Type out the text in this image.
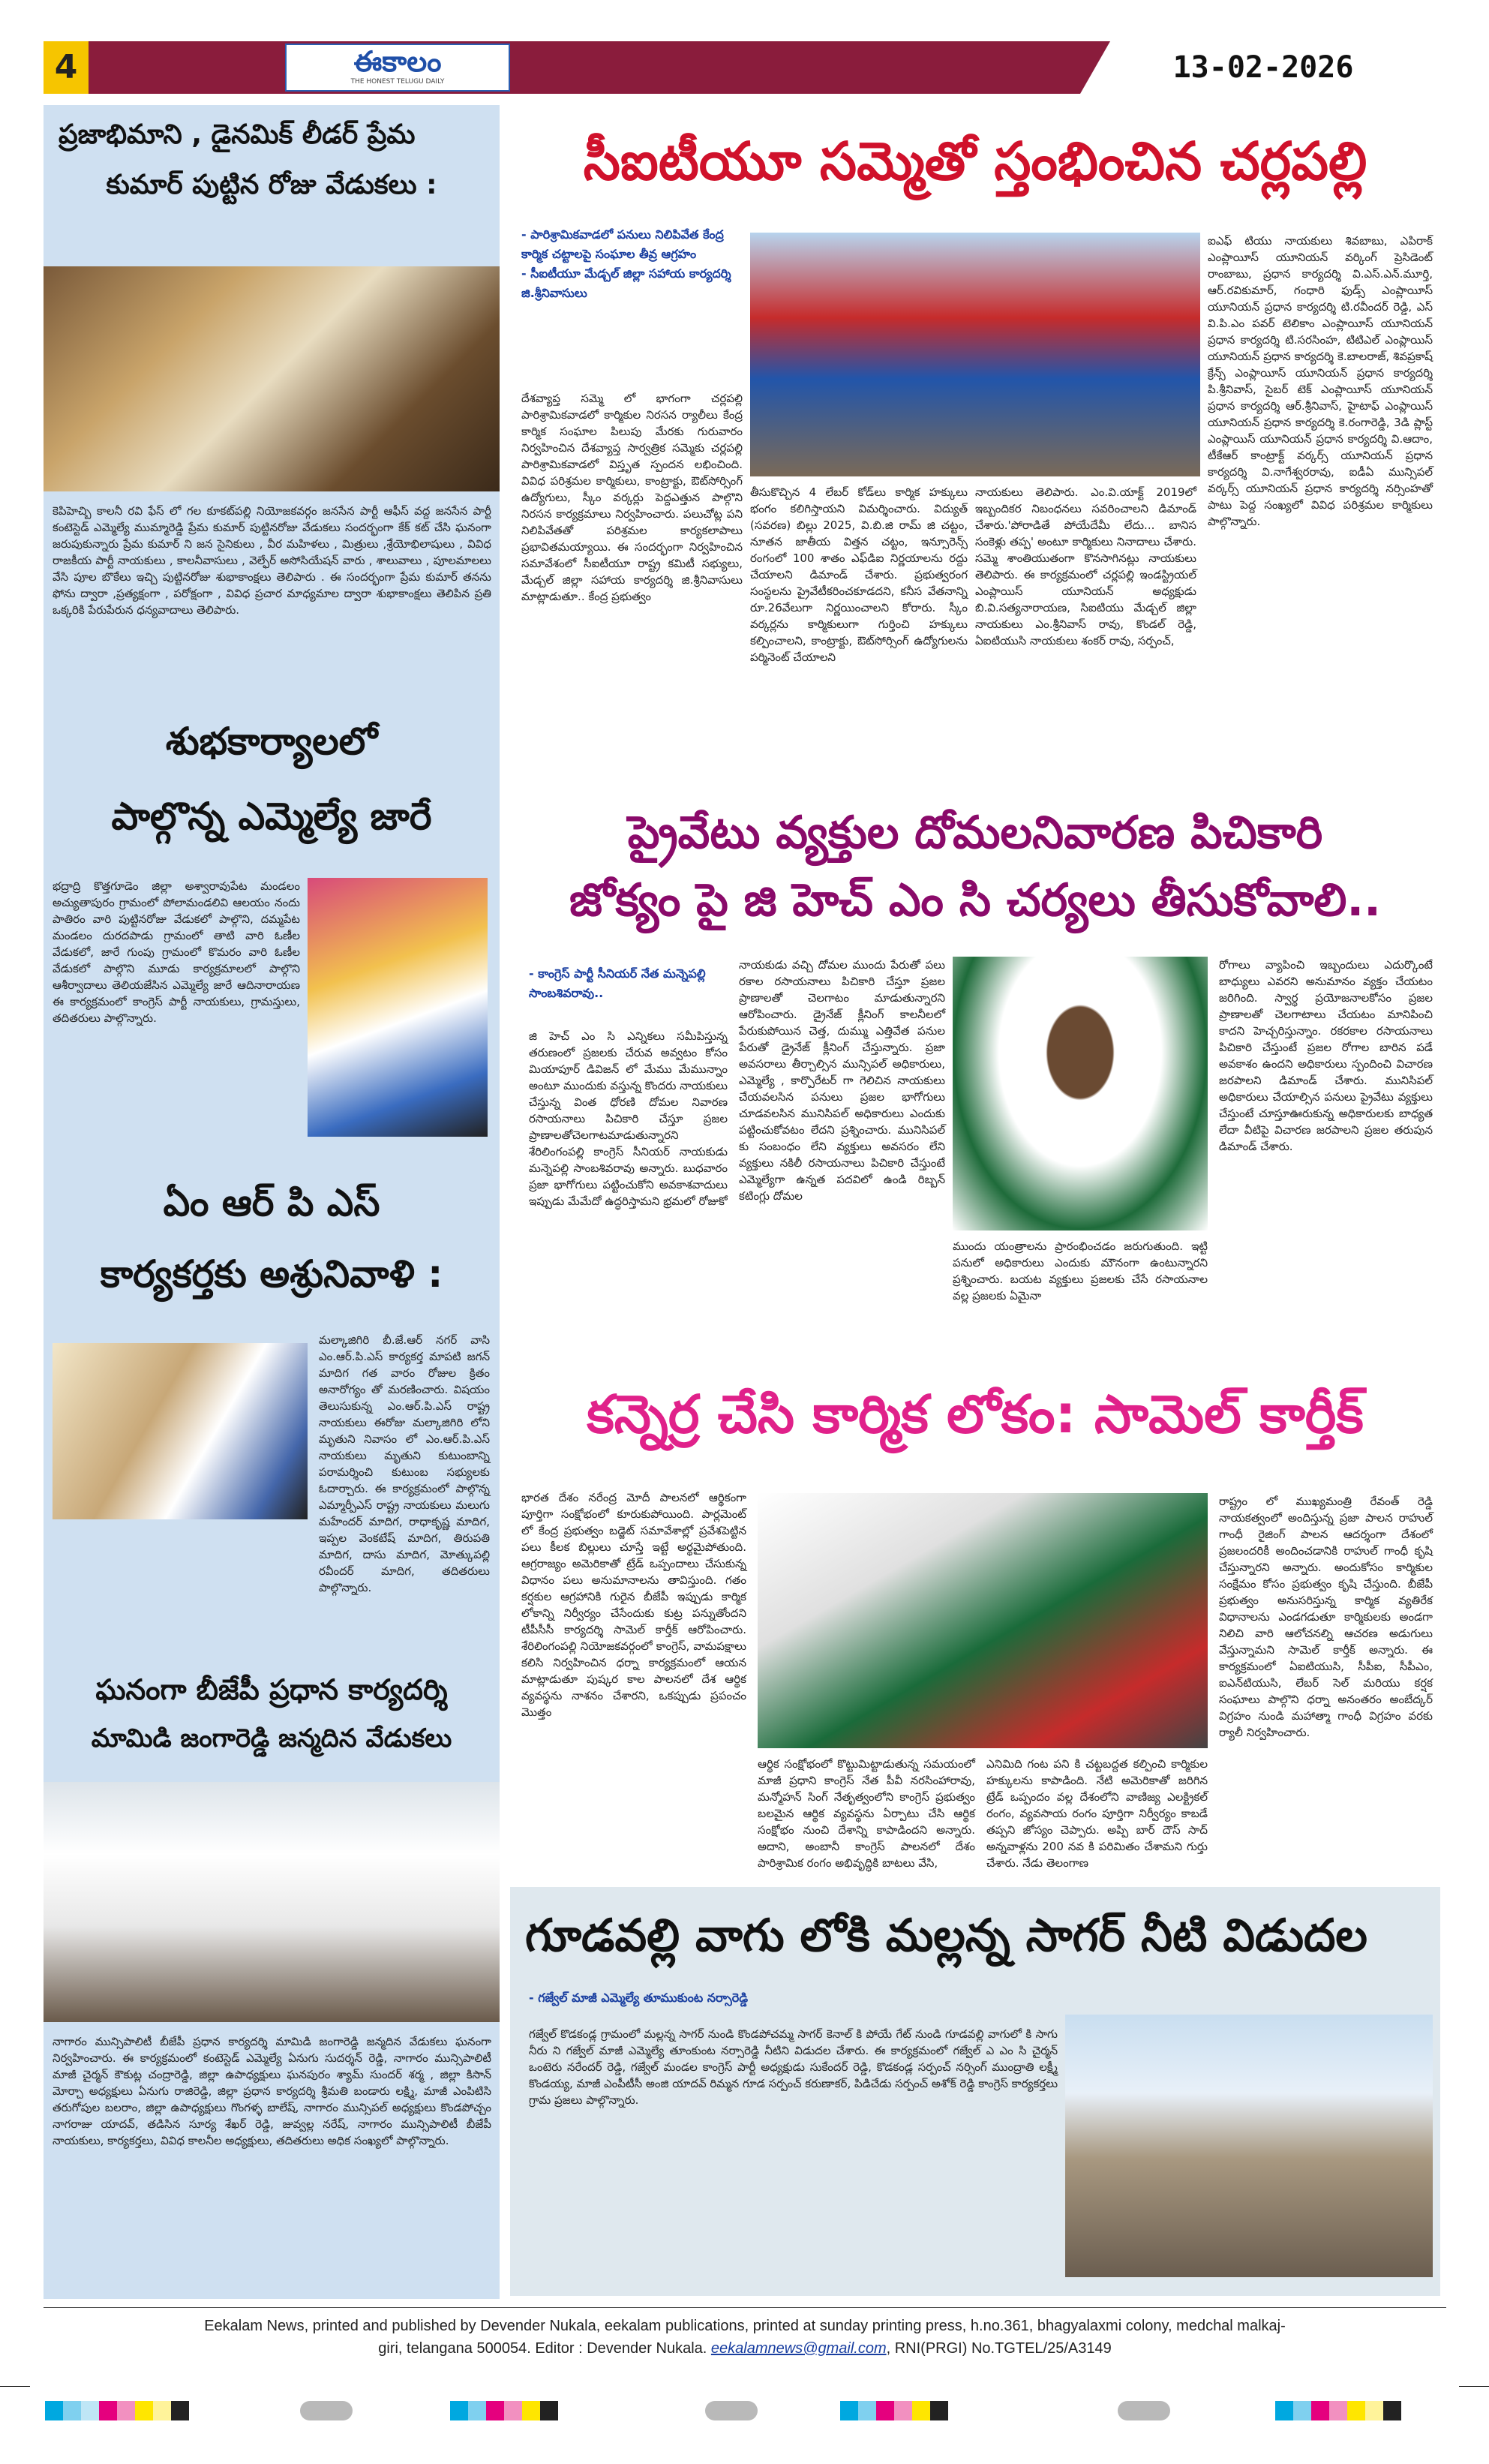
4	ఈకాలం
THE HONEST TELUGU DAILY	13-02-2026
ప్రజాభిమాని , డైనమిక్ లీడర్ ప్రేమ
కుమార్ పుట్టిన రోజు వేడుకలు :
కెపిహెచ్బి కాలనీ రవి ఫేస్ లో గల కూకట్‌పల్లి నియోజకవర్గం జనసేన పార్టీ ఆఫీస్ వద్ద జనసేన పార్టీ కంటెస్టెడ్ ఎమ్మెల్యే ముమ్మారెడ్డి ప్రేమ కుమార్ పుట్టినరోజు వేడుకలు సందర్భంగా కేక్ కట్ చేసి ఘనంగా జరుపుకున్నారు ప్రేమ కుమార్ ని జన సైనికులు , వీర మహిళలు , మిత్రులు ,శ్రేయోభిలాషులు , వివిధ రాజకీయ పార్టీ నాయకులు , కాలనీవాసులు , వెల్ఫేర్ అసోసియేషన్ వారు , శాలువాలు , పూలమాలలు వేసి పూల బొకేలు ఇచ్చి పుట్టినరోజు శుభాకాంక్షలు తెలిపారు . ఈ సందర్భంగా ప్రేమ కుమార్ తనను ఫోను ద్వారా ,ప్రత్యక్షంగా , పరోక్షంగా , వివిధ ప్రచార మాధ్యమాల ద్వారా శుభాకాంక్షలు తెలిపిన ప్రతి ఒక్కరికి పేరుపేరున ధన్యవాదాలు తెలిపారు.
శుభకార్యాలలో
పాల్గొన్న ఎమ్మెల్యే జారే
భద్రాద్రి కొత్తగూడెం జిల్లా అశ్వారావుపేట మండలం అచ్యుతాపురం గ్రామంలో పోలామండలివి ఆలయం నందు పాతిరం వారి పుట్టినరోజు వేడుకలో పాల్గొని, దమ్మపేట మండలం దురదపాడు గ్రామంలో తాటి వారి ఓణీల వేడుకలో, జారే గుంపు గ్రామంలో కొమరం వారి ఓణీల వేడుకలో పాల్గొని మూడు కార్యక్రమాలలో పాల్గొని ఆశీర్వాదాలు తెలియజేసిన ఎమ్మెల్యే జారే ఆదినారాయణ ఈ కార్యక్రమంలో కాంగ్రెస్ పార్టీ నాయకులు, గ్రామస్తులు, తదితరులు పాల్గొన్నారు.
ఏం ఆర్ పి ఎస్
కార్యకర్తకు అశ్రునివాళి :
మల్కాజిగిరి బీ.జే.ఆర్ నగర్ వాసి ఎం.ఆర్.పి.ఎస్ కార్యకర్త మాపటి జగన్ మాదిగ గత వారం రోజుల క్రితం అనారోగ్యం తో మరణించారు. విషయం తెలుసుకున్న ఎం.ఆర్.పి.ఎస్ రాష్ట్ర నాయకులు ఈరోజు మల్కాజిగిరి లోని మృతుని నివాసం లో ఎం.ఆర్.పి.ఎస్ నాయకులు మృతుని కుటుంబాన్ని పరామర్శించి కుటుంబ సభ్యులకు ఓదార్చారు. ఈ కార్యక్రమంలో పాల్గొన్న ఎమ్మార్పీఎస్ రాష్ట్ర నాయకులు మలుగు మహేందర్ మాదిగ, రాధాకృష్ణ మాదిగ, ఇప్పల వెంకటేష్ మాదిగ, తిరుపతి మాదిగ, దాసు మాదిగ, మోత్కుపల్లి రవీందర్ మాదిగ, తదితరులు పాల్గొన్నారు.
ఘనంగా బీజేపీ ప్రధాన కార్యదర్శి
మామిడి జంగారెడ్డి జన్మదిన వేడుకలు
నాగారం మున్సిపాలిటీ బీజేపీ ప్రధాన కార్యదర్శి మామిడి జంగారెడ్డి జన్మదిన వేడుకలు ఘనంగా నిర్వహించారు. ఈ కార్యక్రమంలో కంటెస్టెడ్ ఎమ్మెల్యే ఏనుగు సుదర్శన్ రెడ్డి, నాగారం మున్సిపాలిటీ మాజీ చైర్మన్ కౌకుట్ల చంద్రారెడ్డి, జిల్లా ఉపాధ్యక్షులు ఘనపురం శ్యామ్ సుందర్ శర్మ , జిల్లా కిసాన్ మోర్చా అధ్యక్షులు ఏనుగు రాజిరెడ్డి, జిల్లా ప్రధాన కార్యదర్శి శ్రీమతి బండారు లక్ష్మి, మాజీ ఎంపిటిసి తరుగోపుల బలరాం, జిల్లా ఉపాధ్యక్షులు గొంగళ్ళ బాలేష్, నాగారం మున్సిపల్ అధ్యక్షులు కొండపోచ్చం నాగరాజు యాదవ్, తడిసిన సూర్య శేఖర్ రెడ్డి, జువ్వల్ల నరేష్, నాగారం మున్సిపాలిటీ బీజేపీ నాయకులు, కార్యకర్తలు, వివిధ కాలనీల అధ్యక్షులు, తదితరులు అధిక సంఖ్యలో పాల్గొన్నారు.
సీఐటీయూ సమ్మెతో స్తంభించిన చర్లపల్లి
- పారిశ్రామికవాడలో పనులు నిలిపివేత కేంద్ర కార్మిక చట్టాలపై సంఘాల తీవ్ర ఆగ్రహం
- సీఐటీయూ మేడ్చల్ జిల్లా సహాయ కార్యదర్శి జి.శ్రీనివాసులు
దేశవ్యాప్త సమ్మె లో భాగంగా చర్లపల్లి పారిశ్రామికవాడలో కార్మికుల నిరసన ర్యాలీలు కేంద్ర కార్మిక సంఘాల పిలుపు మేరకు గురువారం నిర్వహించిన దేశవ్యాప్త సార్వత్రిక సమ్మెకు చర్లపల్లి పారిశ్రామికవాడలో విస్తృత స్పందన లభించింది. వివిధ పరిశ్రమల కార్మికులు, కాంట్రాక్టు, ఔట్‌సోర్సింగ్ ఉద్యోగులు, స్కీం వర్కర్లు పెద్దఎత్తున పాల్గొని నిరసన కార్యక్రమాలు నిర్వహించారు. పలుచోట్ల పని నిలిపివేతతో పరిశ్రమల కార్యకలాపాలు ప్రభావితమయ్యాయి. ఈ సందర్భంగా నిర్వహించిన సమావేశంలో సీఐటీయూ రాష్ట్ర కమిటీ సభ్యులు, మేడ్చల్ జిల్లా సహాయ కార్యదర్శి జి.శ్రీనివాసులు మాట్లాడుతూ.. కేంద్ర ప్రభుత్వం
తీసుకొచ్చిన 4 లేబర్ కోడ్‌లు కార్మిక హక్కులు భంగం కలిగిస్తాయని విమర్శించారు. విద్యుత్ (సవరణ) బిల్లు 2025, వి.బి.జి రామ్ జి చట్టం, నూతన జాతీయ విత్తన చట్టం, ఇన్సూరెన్స్ రంగంలో 100 శాతం ఎఫ్‌డిఐ నిర్ణయాలను రద్దు చేయాలని డిమాండ్ చేశారు. ప్రభుత్వరంగ సంస్థలను ప్రైవేటీకరించకూడదని, కనీస వేతనాన్ని రూ.26వేలుగా నిర్ణయించాలని కోరారు. స్కీం వర్కర్లను కార్మికులుగా గుర్తించి హక్కులు కల్పించాలని, కాంట్రాక్టు, ఔట్‌సోర్సింగ్ ఉద్యోగులను పర్మినెంట్ చేయాలని
నాయకులు తెలిపారు. ఎం.వి.యాక్ట్ 2019లో ఇబ్బందికర నిబంధనలు సవరించాలని డిమాండ్ చేశారు.'పోరాడితే పోయేదేమీ లేదు... బానిస సంకెళ్లు తప్ప' అంటూ కార్మికులు నినాదాలు చేశారు. సమ్మె శాంతియుతంగా కొనసాగినట్లు నాయకులు తెలిపారు. ఈ కార్యక్రమంలో చర్లపల్లి ఇండస్ట్రియల్ ఎంప్లాయిస్ యూనియన్ అధ్యక్షుడు బి.వి.సత్యనారాయణ, సిఐటియు మేడ్చల్ జిల్లా నాయకులు ఎం.శ్రీనివాస్ రావు, కొండల్ రెడ్డి, ఏఐటియుసి నాయకులు శంకర్ రావు, సర్పంచ్,
ఐఎఫ్ టియు నాయకులు శివబాబు, ఎపిరాక్ ఎంప్లాయీస్ యూనియన్ వర్కింగ్ ప్రెసిడెంట్ రాంబాబు, ప్రధాన కార్యదర్శి వి.ఎస్.ఎన్.మూర్తి, ఆర్.రవికుమార్, గంధారి ఫుడ్స్ ఎంప్లాయీస్ యూనియన్ ప్రధాన కార్యదర్శి టి.రవీందర్ రెడ్డి, ఎస్ వి.పి.ఎం పవర్ టెలికాం ఎంప్లాయీస్ యూనియన్ ప్రధాన కార్యదర్శి టి.సరసింహ, టిటిఎల్ ఎంప్లాయిస్ యూనియన్ ప్రధాన కార్యదర్శి కె.బాలరాజ్, శివప్రకాష్ క్రేన్స్ ఎంప్లాయీస్ యూనియన్ ప్రధాన కార్యదర్శి పి.శ్రీనివాస్, సైబర్ టెక్ ఎంప్లాయీస్ యూనియన్ ప్రధాన కార్యదర్శి ఆర్.శ్రీనివాస్, హైటాఫ్ ఎంప్లాయిస్ యూనియన్ ప్రధాన కార్యదర్శి కె.రంగారెడ్డి, 3డి ప్లాస్ట్ ఎంప్లాయిస్ యూనియన్ ప్రధాన కార్యదర్శి వి.ఆదాం, టీకేఆర్ కాంట్రాక్ట్ వర్కర్స్ యూనియన్ ప్రధాన కార్యదర్శి వి.నాగేశ్వరరావు, ఐడీఏ మున్సిపల్ వర్కర్స్ యూనియన్ ప్రధాన కార్యదర్శి నర్సింహతో పాటు పెద్ద సంఖ్యలో వివిధ పరిశ్రమల కార్మికులు పాల్గొన్నారు.
ప్రైవేటు వ్యక్తుల దోమలనివారణ పిచికారి
జోక్యం పై జి హెచ్ ఎం సి చర్యలు తీసుకోవాలి..
- కాంగ్రెస్ పార్టీ సీనియర్ నేత మన్నెపల్లి సాంబశివరావు..
జి హెచ్ ఎం సి ఎన్నికలు సమీపిస్తున్న తరుణంలో ప్రజలకు చేరువ అవ్వటం కోసం మియాపూర్ డివిజన్ లో మేము మేమున్నాం అంటూ ముందుకు వస్తున్న కొందరు నాయకులు చేస్తున్న వింత ధోరణి దోమల నివారణ రసాయనాలు పిచికారి చేస్తూ ప్రజల ప్రాణాలతోచెలగాటమాడుతున్నారని శేరిలింగంపల్లి కాంగ్రెస్ సీనియర్ నాయకుడు మన్నెపల్లి సాంబశివరావు అన్నారు. బుధవారం ప్రజా భాగోగులు పట్టించుకోని అవకాశవాదులు ఇప్పుడు మేమేదో ఉద్ధరిస్తామని భ్రమలో రోజుకో
నాయకుడు వచ్చి దోమల ముందు పేరుతో పలు రకాల రసాయనాలు పిచికారి చేస్తూ ప్రజల ప్రాణాలతో చెలగాటం మాడుతున్నారని ఆరోపించారు. డ్రైనేజ్ క్లీనింగ్ కాలనీలలో పేరుకుపోయిన చెత్త, దుమ్ము ఎత్తివేత పనుల పేరుతో డ్రైనేజ్ క్లీనింగ్ చేస్తున్నారు. ప్రజా అవసరాలు తీర్చాల్సిన మున్సిపల్ అధికారులు, ఎమ్మెల్యే , కార్పొరేటర్ గా గెలిచిన నాయకులు చేయవలసిన పనులు ప్రజల భాగోగులు చూడవలసిన మునిసిపల్ అధికారులు ఎందుకు పట్టించుకోవటం లేదని ప్రశ్నించారు. మునిసిపల్ కు సంబంధం లేని వ్యక్తులు అవసరం లేని వ్యక్తులు నకిలీ రసాయనాలు పిచికారి చేస్తుంటే ఎమ్మెల్యేగా ఉన్నత పదవిలో ఉండి రిబ్బన్ కటింగ్లు దోమల
ముందు యంత్రాలను ప్రారంభించడం జరుగుతుంది. ఇట్టి పనులో అధికారులు ఎందుకు మౌనంగా ఉంటున్నారని ప్రశ్నించారు. బయట వ్యక్తులు ప్రజలకు చేసే రసాయనాల వల్ల ప్రజలకు ఏమైనా
రోగాలు వ్యాపించి ఇబ్బందులు ఎదుర్కొంటే బాధ్యులు ఎవరని అనుమానం వ్యక్తం చేయటం జరిగింది. స్వార్థ ప్రయోజనాలకోసం ప్రజల ప్రాణాలతో చెలగాటాలు చేయటం మానిపించి కాదని హెచ్చరిస్తున్నాం. రకరకాల రసాయనాలు పిచికారి చేస్తుంటే ప్రజల రోగాల బారిన పడే అవకాశం ఉందని అధికారులు స్పందించి విచారణ జరపాలని డిమాండ్ చేశారు. మునిసిపల్ అధికారులు చేయాల్సిన పనులు ప్రైవేటు వ్యక్తులు చేస్తుంటే చూస్తూఊరుకున్న అధికారులకు బాధ్యత లేదా వీటిపై విచారణ జరపాలని ప్రజల తరుపున డిమాండ్ చేశారు.
కన్నెర్ర చేసి కార్మిక లోకం: సామెల్ కార్తీక్
భారత దేశం నరేంద్ర మోదీ పాలనలో ఆర్థికంగా పూర్తిగా సంక్షోభంలో కూరుకుపోయింది. పార్లమెంట్ లో కేంద్ర ప్రభుత్వం బడ్జెట్ సమావేశాల్లో ప్రవేశపెట్టిన పలు కీలక బిల్లులు చూస్తే ఇట్టే అర్థమైపోతుంది. ఆగ్రరాజ్యం అమెరికాతో ట్రేడ్ ఒప్పందాలు చేసుకున్న విధానం పలు అనుమానాలను తావిస్తుంది. గతం కర్షకుల ఆగ్రహానికి గురైన బీజేపీ ఇప్పుడు కార్మిక లోకాన్ని నిర్వీర్యం చేసేందుకు కుట్ర పన్నుతోందని టీపీసీసీ కార్యదర్శి సామెల్ కార్తీక్ ఆరోపించారు. శేరిలింగంపల్లి నియోజకవర్గంలో కాంగ్రెస్, వామపక్షాలు కలిసి నిర్వహించిన ధర్నా కార్యక్రమంలో ఆయన మాట్లాడుతూ పుష్కర కాల పాలనలో దేశ ఆర్థిక వ్యవస్థను నాశనం చేశారని, ఒకప్పుడు ప్రపంచం మొత్తం
ఆర్థిక సంక్షోభంలో కొట్టుమిట్టాడుతున్న సమయంలో మాజీ ప్రధాని కాంగ్రెస్ నేత పీవీ నరసింహారావు, మన్మోహన్ సింగ్ నేతృత్వంలోని కాంగ్రెస్ ప్రభుత్వం బలమైన ఆర్థిక వ్యవస్థను ఏర్పాటు చేసి ఆర్థిక సంక్షోభం నుంచి దేశాన్ని కాపాడిందని అన్నారు. అదాని, అంబానీ కాంగ్రెస్ పాలనలో దేశం పారిశ్రామిక రంగం అభివృద్ధికి బాటలు వేసి,
ఎనిమిది గంట పని కి చట్టబద్దత కల్పించి కార్మికుల హక్కులను కాపాడింది. నేటి అమెరికాతో జరిగిన ట్రేడ్ ఒప్పందం వల్ల దేశంలోని వాణిజ్య ఎలక్ట్రికల్ రంగం, వ్యవసాయ రంగం పూర్తిగా నిర్వీర్యం కాబడే తప్పని జోస్యం చెప్పారు. అప్పి బార్ దౌస్ సాద్ అన్నవాళ్లను 200 నవ కి పరిమితం చేశామని గుర్తు చేశారు. నేడు తెలంగాణ
రాష్ట్రం లో ముఖ్యమంత్రి రేవంత్ రెడ్డి నాయకత్వంలో అందిస్తున్న ప్రజా పాలన రాహుల్ గాంధీ రైజింగ్ పాలన ఆదర్శంగా దేశంలో ప్రజలందరికీ అందించడానికి రాహుల్ గాంధీ కృషి చేస్తున్నారని అన్నారు. అందుకోసం కార్మికుల సంక్షేమం కోసం ప్రభుత్వం కృషి చేస్తుంది. బీజేపీ ప్రభుత్వం అనుసరిస్తున్న కార్మిక వ్యతిరేక విధానాలను ఎండగడుతూ కార్మికులకు అండగా నిలిచి వారి ఆలోచనల్ని ఆచరణ అడుగులు వేస్తున్నామని సామెల్ కార్తీక్ అన్నారు. ఈ కార్యక్రమంలో ఏఐటియుసి, సీపీఐ, సీపీఎం, ఐఎన్‌టియుసి, లేబర్ సెల్ మరియు కర్షక సంఘాలు పాల్గొని ధర్నా అనంతరం అంబేద్కర్ విగ్రహం నుండి మహాత్మా గాంధీ విగ్రహం వరకు ర్యాలీ నిర్వహించారు.
గూడవల్లి వాగు లోకి మల్లన్న సాగర్ నీటి విడుదల
- గజ్వేల్ మాజీ ఎమ్మెల్యే తూముకుంట నర్సారెడ్డి
గజ్వేల్ కొడకండ్ల గ్రామంలో మల్లన్న సాగర్ నుండి కొండపోచమ్మ సాగర్ కెనాల్ కి పోయే గేట్ నుండి గూడవల్లి వాగులో కి సాగు నీరు ని గజ్వేల్ మాజీ ఎమ్మెల్యే తూంకుంట నర్సారెడ్డి నీటిని విడుదల చేశారు. ఈ కార్యక్రమంలో గజ్వేల్ ఎ ఎం సి చైర్మన్ ఒంటెరు నరేందర్ రెడ్డి, గజ్వేల్ మండల కాంగ్రెస్ పార్టీ అధ్యక్షుడు సుకేందర్ రెడ్డి, కొడకండ్ల సర్పంచ్ నర్సింగ్ ముంద్రాతి లక్ష్మీ కొండయ్య, మాజీ ఎంపీటీసీ అంజి యాదవ్ రిమ్మన గూడ సర్పంచ్ కరుణాకర్, పిడిచేడు సర్పంచ్ అశోక్ రెడ్డి కాంగ్రెస్ కార్యకర్తలు గ్రామ ప్రజలు పాల్గొన్నారు.
Eekalam News, printed and published by Devender Nukala, eekalam publications, printed at sunday printing press, h.no.361, bhagyalaxmi colony, medchal malkaj-
giri, telangana 500054. Editor : Devender Nukala. eekalamnews@gmail.com, RNI(PRGI) No.TGTEL/25/A3149
